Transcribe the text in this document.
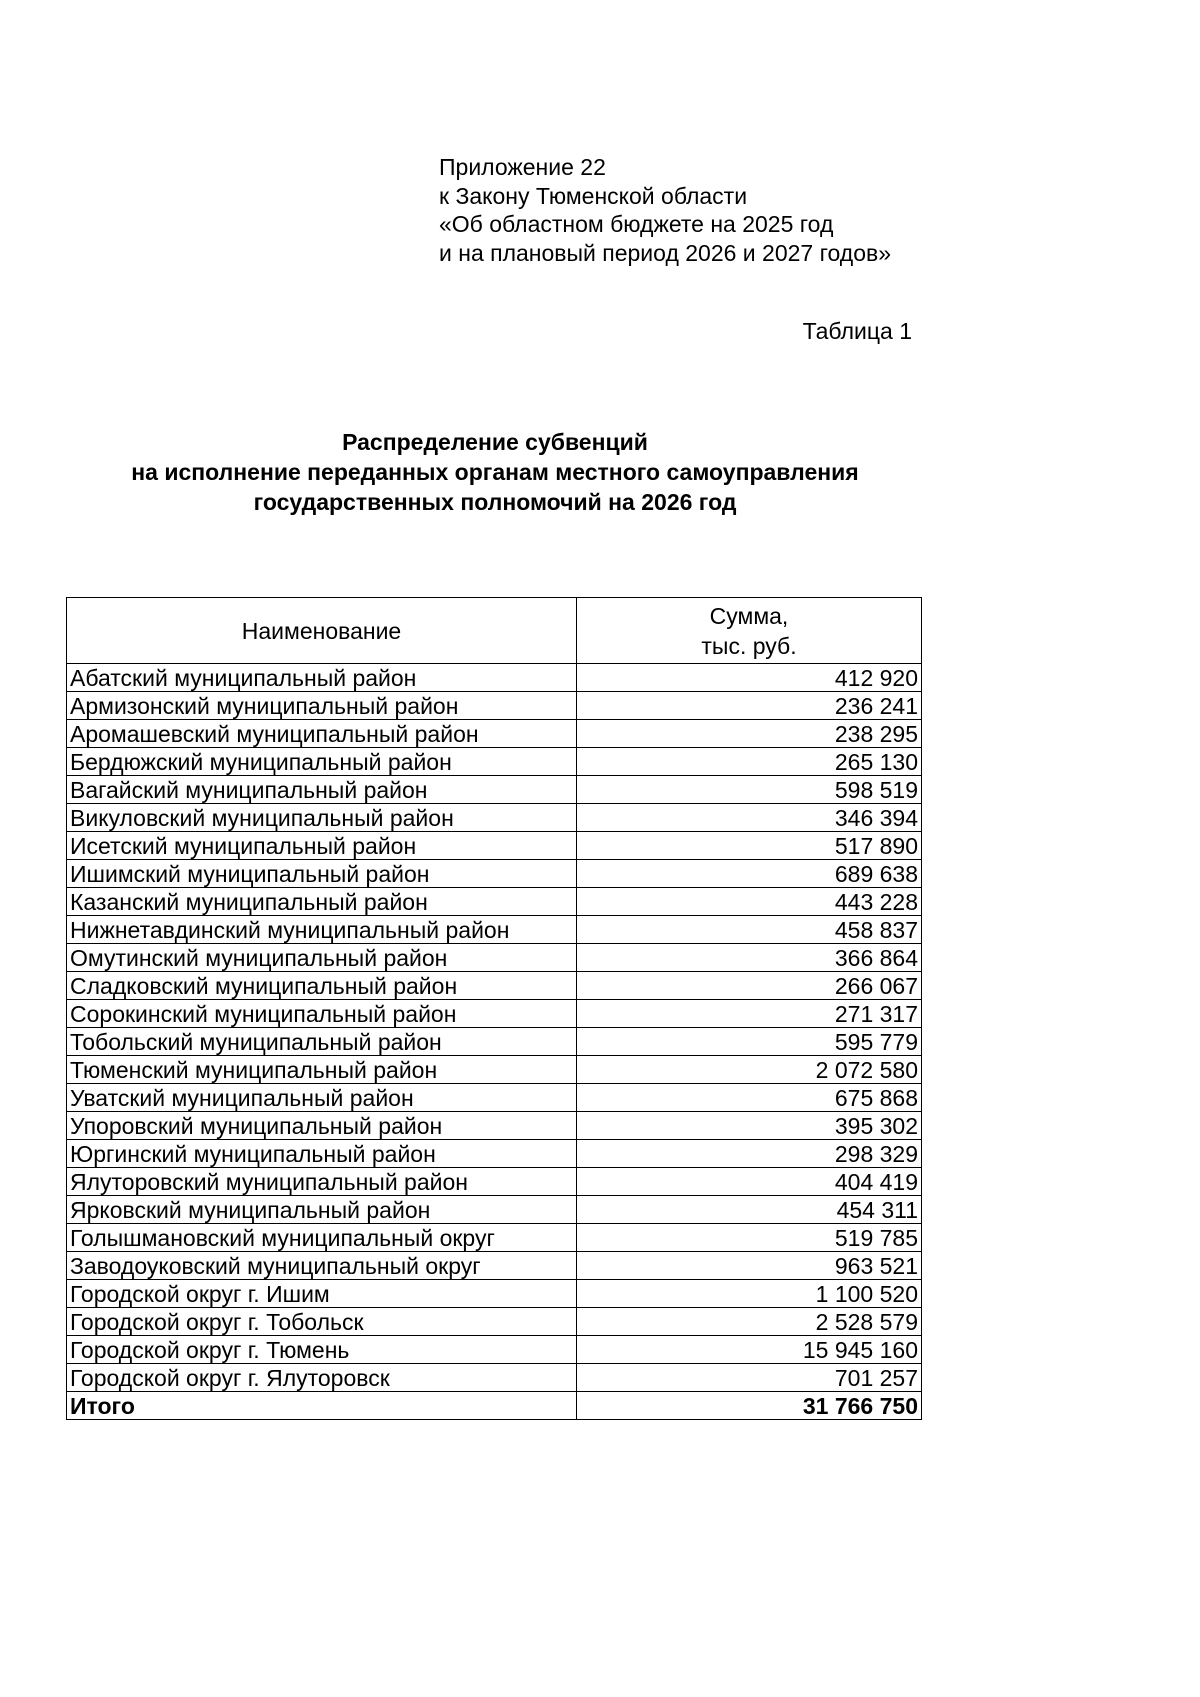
Приложение 22
к Закону Тюменской области
«Об областном бюджете на 2025 год
и на плановый период 2026 и 2027 годов»
Таблица 1
Распределение субвенций
на исполнение переданных органам местного самоуправления
государственных полномочий на 2026 год
Наименование	Сумма,
тыс. руб.
Абатский муниципальный район	412 920
Армизонский муниципальный район	236 241
Аромашевский муниципальный район	238 295
Бердюжский муниципальный район	265 130
Вагайский муниципальный район	598 519
Викуловский муниципальный район	346 394
Исетский муниципальный район	517 890
Ишимский муниципальный район	689 638
Казанский муниципальный район	443 228
Нижнетавдинский муниципальный район	458 837
Омутинский муниципальный район	366 864
Сладковский муниципальный район	266 067
Сорокинский муниципальный район	271 317
Тобольский муниципальный район	595 779
Тюменский муниципальный район	2 072 580
Уватский муниципальный район	675 868
Упоровский муниципальный район	395 302
Юргинский муниципальный район	298 329
Ялуторовский муниципальный район	404 419
Ярковский муниципальный район	454 311
Голышмановский муниципальный округ	519 785
Заводоуковский муниципальный округ	963 521
Городской округ г. Ишим	1 100 520
Городской округ г. Тобольск	2 528 579
Городской округ г. Тюмень	15 945 160
Городской округ г. Ялуторовск	701 257
Итого	31 766 750
